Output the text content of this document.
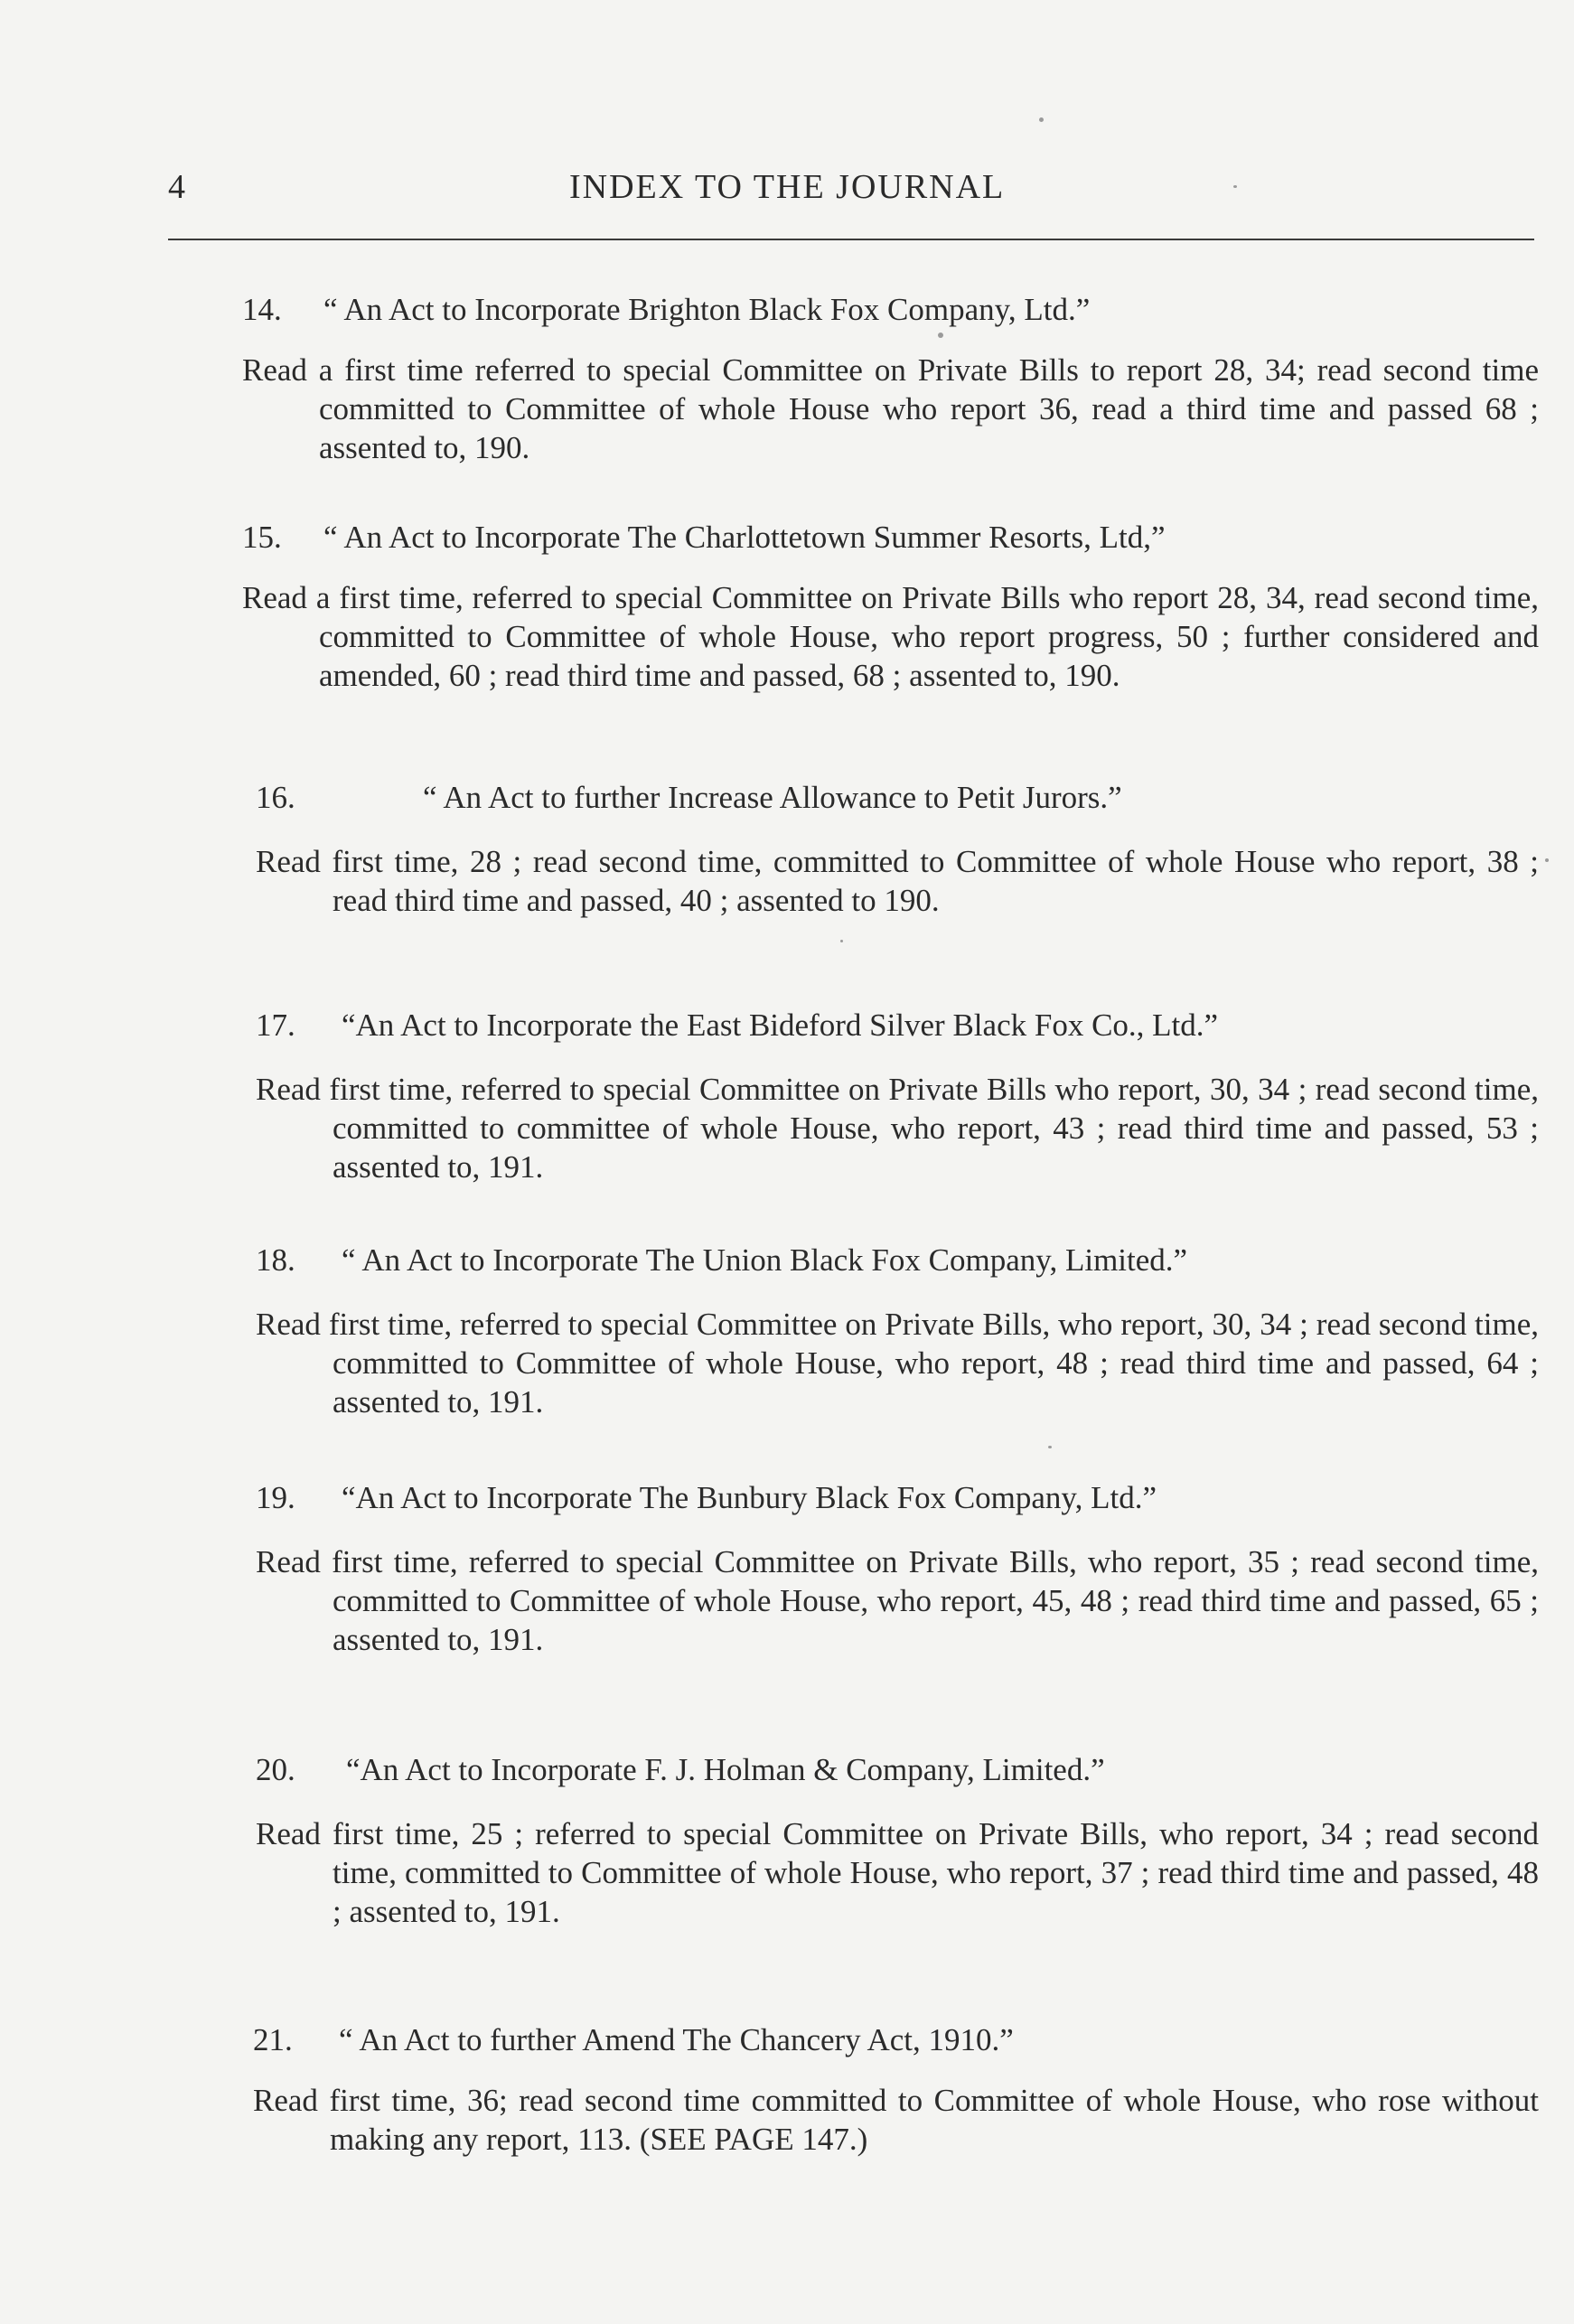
4	INDEX TO THE JOURNAL
14. “ An Act to Incorporate Brighton Black Fox Company, Ltd.”
Read a first time referred to special Committee on Private Bills to report 28, 34; read second time committed to Committee of whole House who report 36, read a third time and passed 68 ; assented to, 190.
15. “ An Act to Incorporate The Charlottetown Summer Resorts, Ltd,”
Read a first time, referred to special Committee on Private Bills who report 28, 34, read second time, committed to Committee of whole House, who report progress, 50 ; further considered and amended, 60 ; read third time and passed, 68 ; assented to, 190.
16.	“ An Act to further Increase Allowance to Petit Jurors.”
Read first time, 28 ; read second time, committed to Committee of whole House who report, 38 ; read third time and passed, 40 ; assented to 190.
17. “An Act to Incorporate the East Bideford Silver Black Fox Co., Ltd.”
Read first time, referred to special Committee on Private Bills who report, 30, 34 ; read second time, committed to committee of whole House, who report, 43 ; read third time and passed, 53 ; assented to, 191.
18. “ An Act to Incorporate The Union Black Fox Company, Limited.”
Read first time, referred to special Committee on Private Bills, who report, 30, 34 ; read second time, committed to Committee of whole House, who report, 48 ; read third time and passed, 64 ; assented to, 191.
19. “An Act to Incorporate The Bunbury Black Fox Company, Ltd.”
Read first time, referred to special Committee on Private Bills, who report, 35 ; read second time, committed to Committee of whole House, who report, 45, 48 ; read third time and passed, 65 ; assented to, 191.
20. “An Act to Incorporate F. J. Holman & Company, Limited.”
Read first time, 25 ; referred to special Committee on Private Bills, who report, 34 ; read second time, committed to Committee of whole House, who report, 37 ; read third time and passed, 48 ; assented to, 191.
21. “ An Act to further Amend The Chancery Act, 1910.”
Read first time, 36; read second time committed to Committee of whole House, who rose without making any report, 113. (SEE PAGE 147.)
